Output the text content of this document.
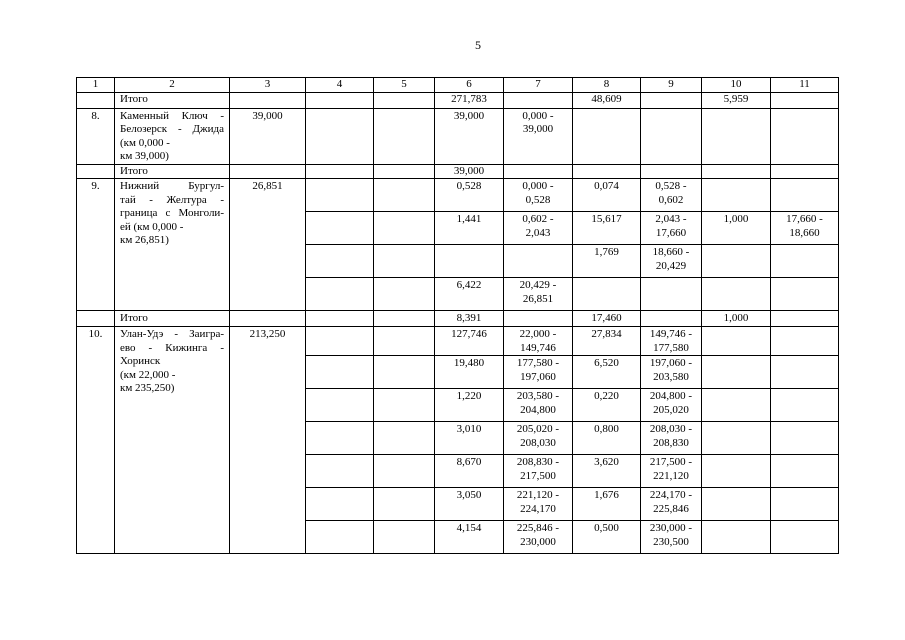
5
1	2	3	4	5	6	7	8	9	10	11
	Итого				271,783		48,609		5,959	
8.	Каменный Ключ -
Белозерск - Джида
(км 0,000 -
км 39,000)	39,000			39,000	0,000 - 39,000				

	Итого				39,000					
9.	Нижний Бургул-
тай - Желтура -
граница с Монголи-
ей (км 0,000 -
км 26,851)	26,851			0,528	0,000 - 0,528	0,074	0,528 - 0,602		

					1,441	0,602 - 2,043	15,617	2,043 - 17,660	1,000	17,660 - 18,660

							1,769	18,660 - 20,429		

					6,422	20,429 - 26,851				

	Итого				8,391		17,460		1,000	
10.	Улан-Удэ - Заигра-
ево - Кижинга -
Хоринск
(км 22,000 -
км 235,250)	213,250			127,746	22,000 - 149,746	27,834	149,746 - 177,580		

					19,480	177,580 - 197,060	6,520	197,060 - 203,580		

					1,220	203,580 - 204,800	0,220	204,800 - 205,020		

					3,010	205,020 - 208,030	0,800	208,030 - 208,830		

					8,670	208,830 - 217,500	3,620	217,500 - 221,120		

					3,050	221,120 - 224,170	1,676	224,170 - 225,846		

					4,154	225,846 - 230,000	0,500	230,000 - 230,500		
